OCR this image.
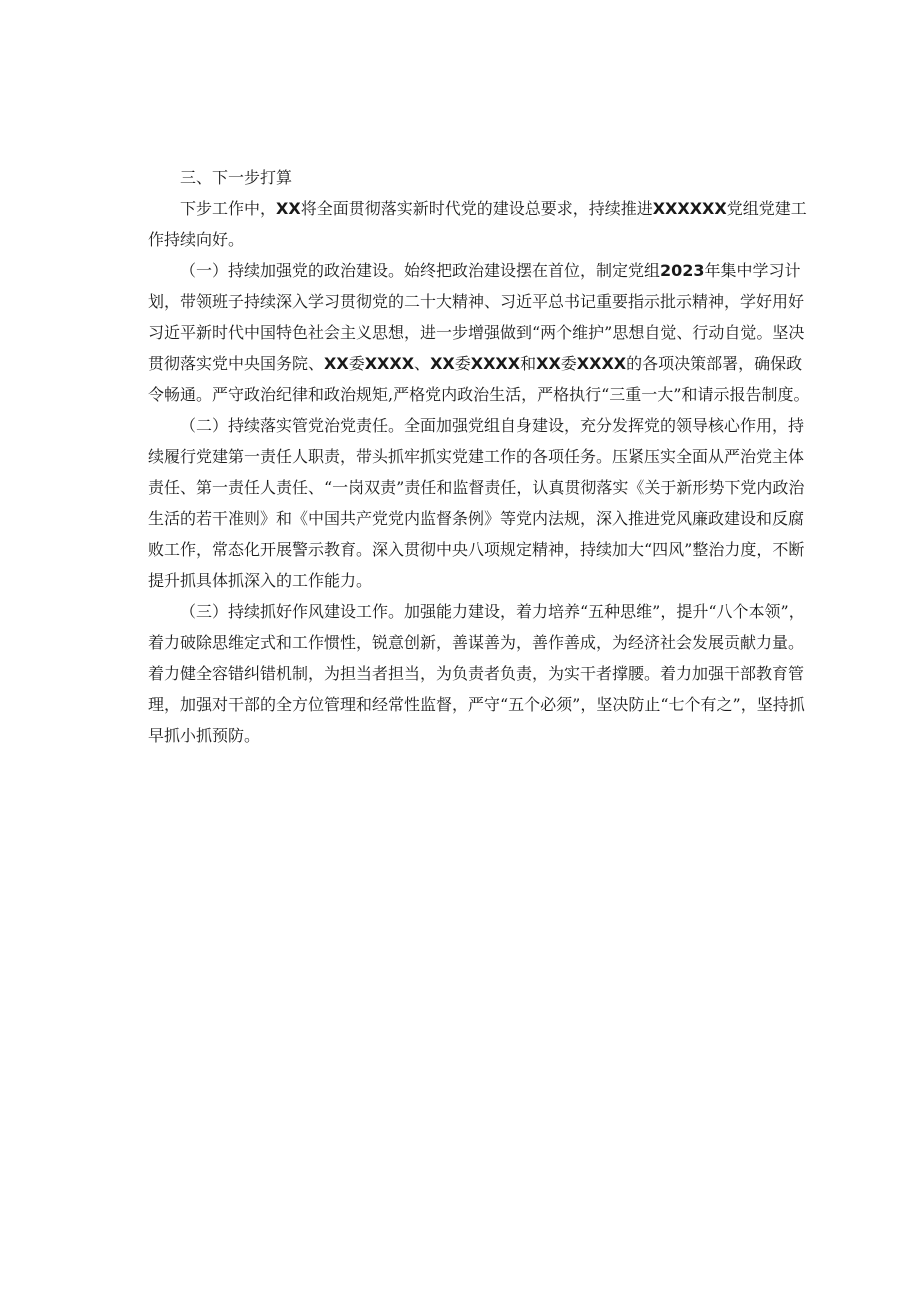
三、下一步打算

下步工作中，XX将全面贯彻落实新时代党的建设总要求，持续推进XXXXXX党组党建工作持续向好。

（一）持续加强党的政治建设。始终把政治建设摆在首位，制定党组2023年集中学习计划，带领班子持续深入学习贯彻党的二十大精神、习近平总书记重要指示批示精神，学好用好习近平新时代中国特色社会主义思想，进一步增强做到“两个维护”思想自觉、行动自觉。坚决贯彻落实党中央国务院、XX委XXXX、XX委XXXX和XX委XXXX的各项决策部署，确保政令畅通。严守政治纪律和政治规矩,严格党内政治生活，严格执行“三重一大”和请示报告制度。

（二）持续落实管党治党责任。全面加强党组自身建设，充分发挥党的领导核心作用，持续履行党建第一责任人职责，带头抓牢抓实党建工作的各项任务。压紧压实全面从严治党主体责任、第一责任人责任、“一岗双责”责任和监督责任，认真贯彻落实《关于新形势下党内政治生活的若干准则》和《中国共产党党内监督条例》等党内法规，深入推进党风廉政建设和反腐败工作，常态化开展警示教育。深入贯彻中央八项规定精神，持续加大“四风”整治力度，不断提升抓具体抓深入的工作能力。

（三）持续抓好作风建设工作。加强能力建设，着力培养“五种思维”，提升“八个本领”，着力破除思维定式和工作惯性，锐意创新，善谋善为，善作善成，为经济社会发展贡献力量。着力健全容错纠错机制，为担当者担当，为负责者负责，为实干者撑腰。着力加强干部教育管理，加强对干部的全方位管理和经常性监督，严守“五个必须”，坚决防止“七个有之”，坚持抓早抓小抓预防。
